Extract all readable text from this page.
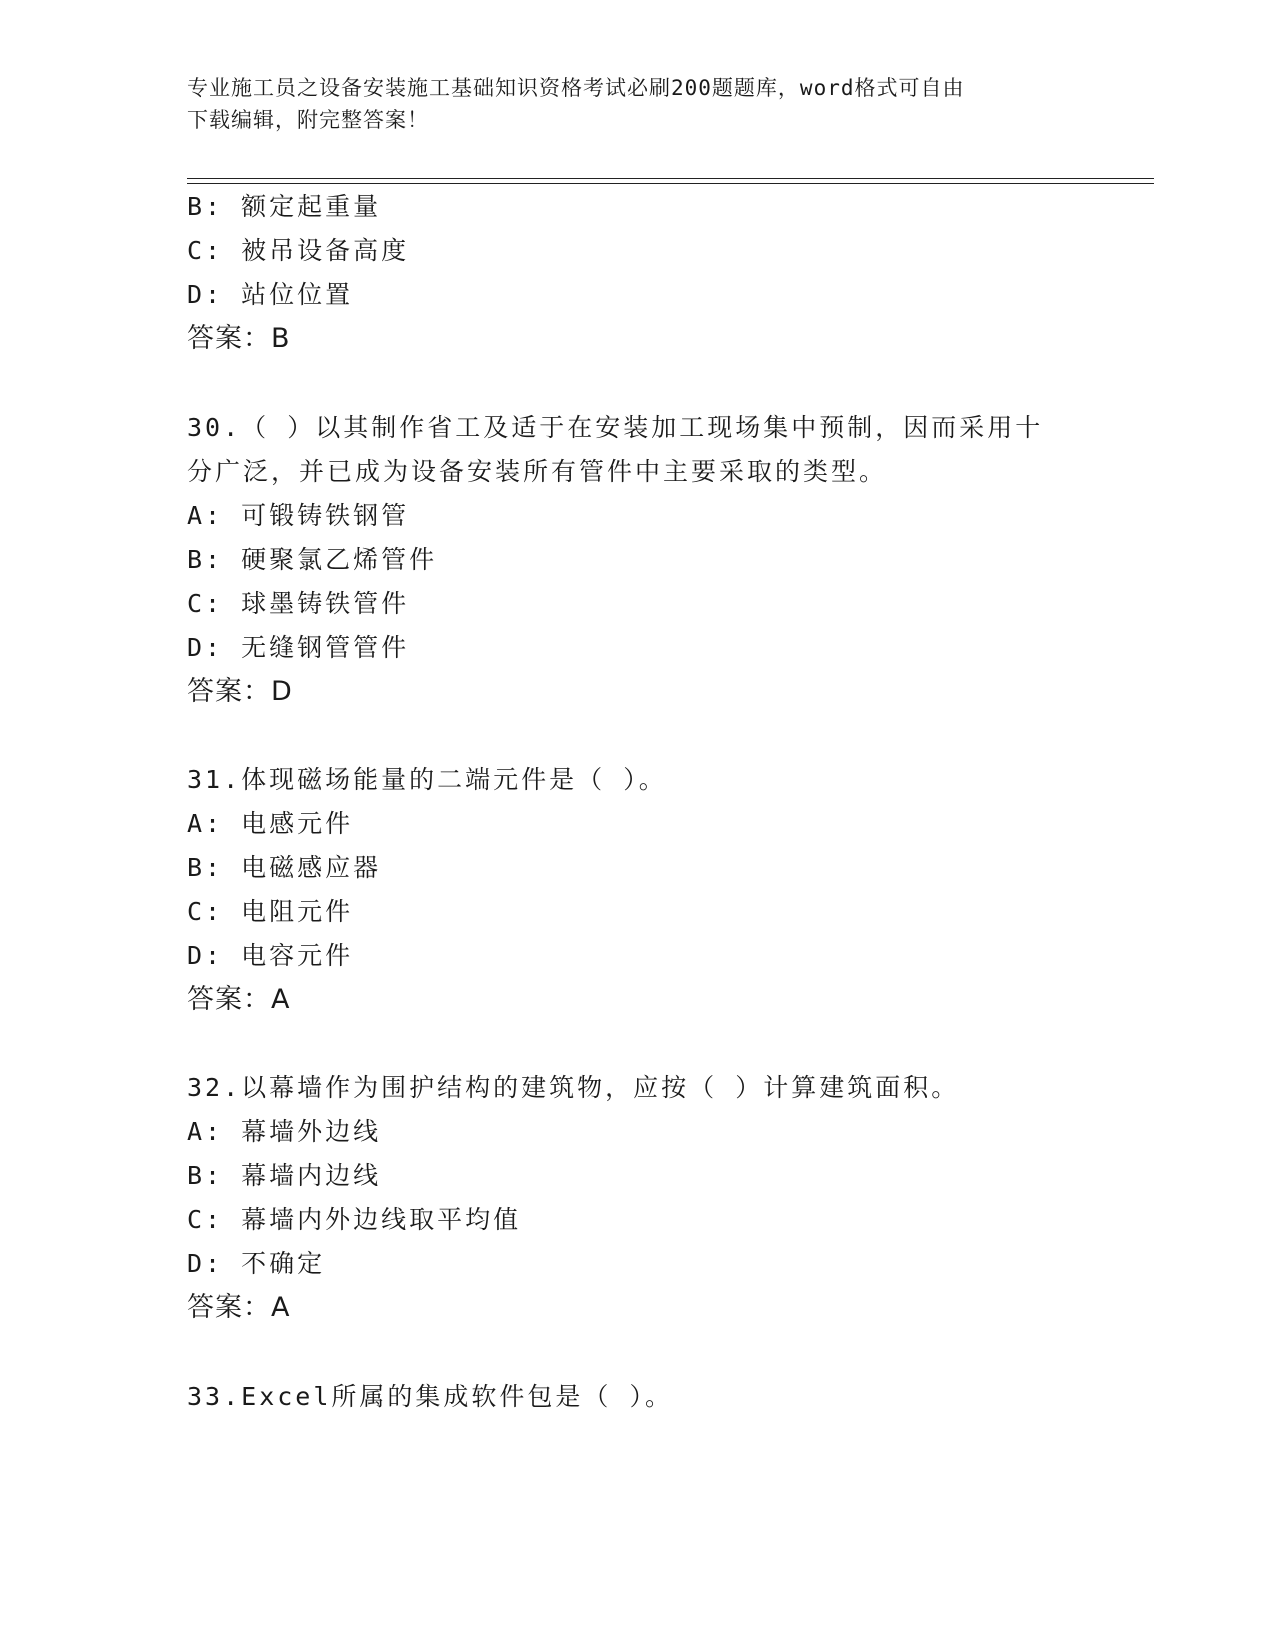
专业施工员之设备安装施工基础知识资格考试必刷200题题库，word格式可自由
下载编辑，附完整答案！
B: 额定起重量
C: 被吊设备高度
D: 站位位置
答案：B
30.（ ）以其制作省工及适于在安装加工现场集中预制，因而采用十
分广泛，并已成为设备安装所有管件中主要采取的类型。
A: 可锻铸铁钢管
B: 硬聚氯乙烯管件
C: 球墨铸铁管件
D: 无缝钢管管件
答案：D
31.体现磁场能量的二端元件是（ ）。
A: 电感元件
B: 电磁感应器
C: 电阻元件
D: 电容元件
答案：A
32.以幕墙作为围护结构的建筑物，应按（ ）计算建筑面积。
A: 幕墙外边线
B: 幕墙内边线
C: 幕墙内外边线取平均值
D: 不确定
答案：A
33.Excel所属的集成软件包是（ ）。
